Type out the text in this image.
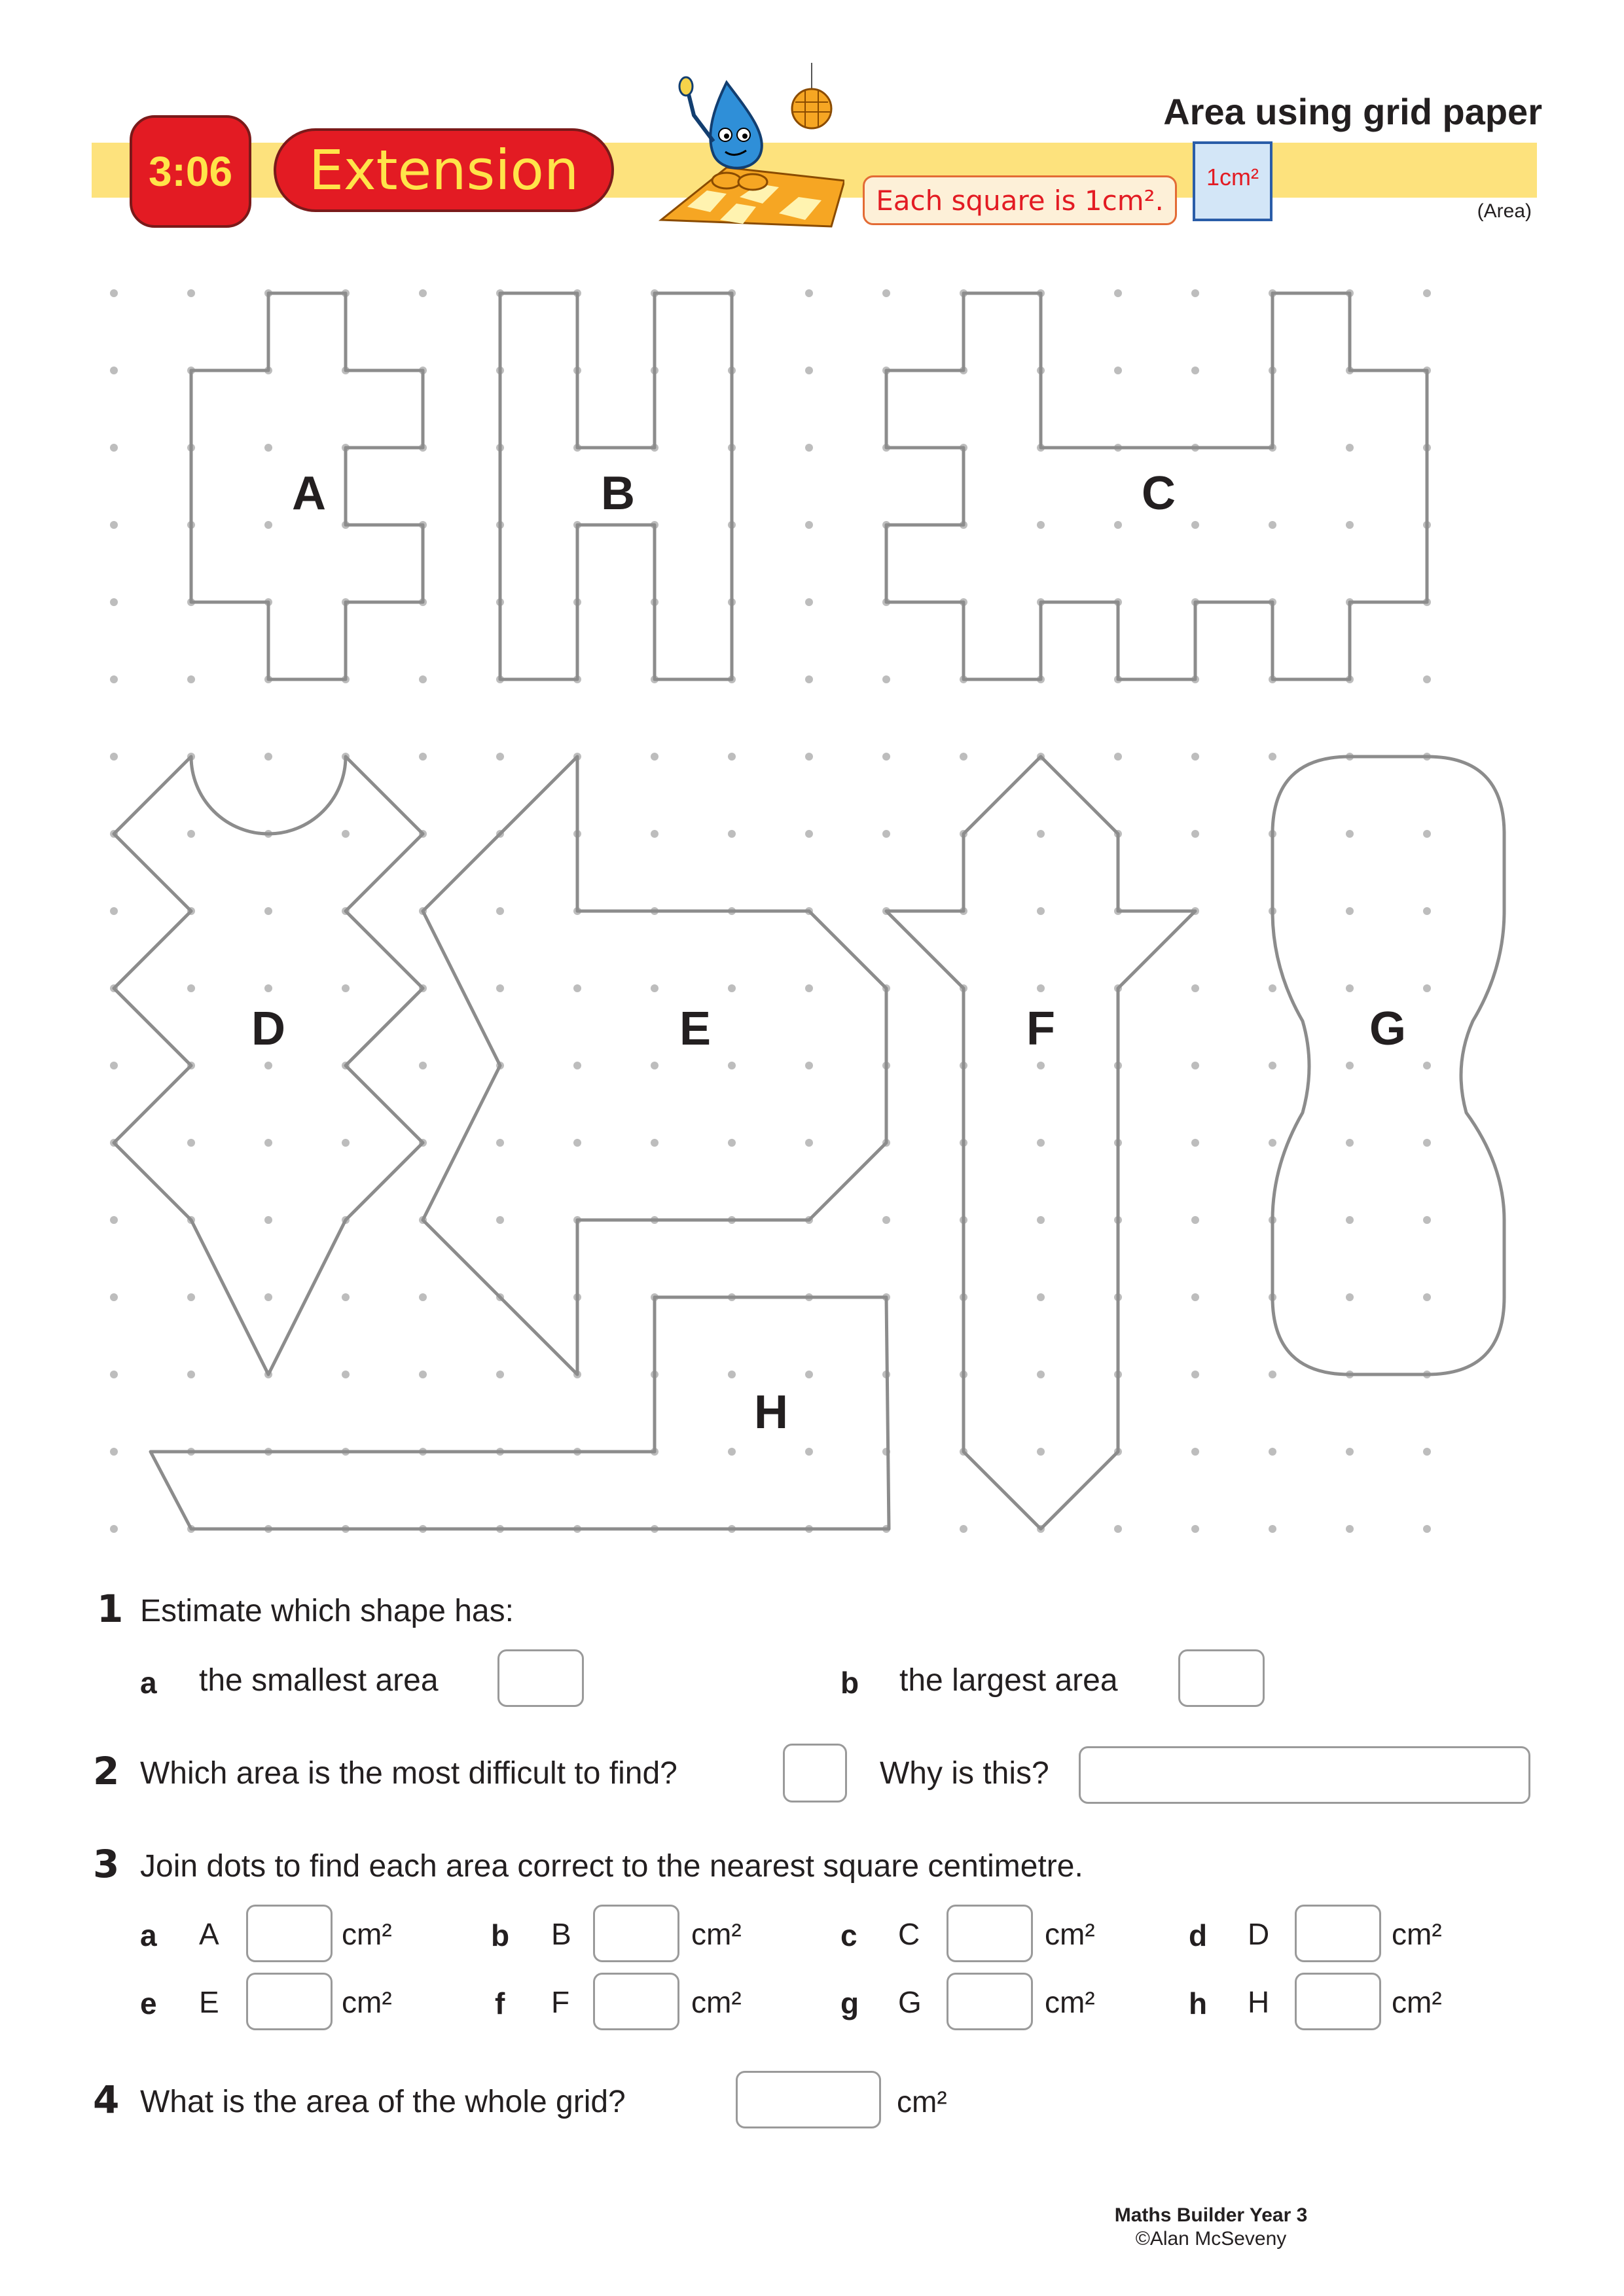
3:06	Extension
Area using grid paper
Each square is 1cm².
1cm²
(Area)
A	B	C
D	E	F	G
H
1 Estimate which shape has:
a the smallest area	b the largest area
2 Which area is the most difficult to find?	Why is this?
3 Join dots to find each area correct to the nearest square centimetre.
a A	cm²	b B	cm²	c C	cm²	d D	cm²
e E	cm²	f F	cm²	g G	cm²	h H	cm²
4 What is the area of the whole grid?	cm²
Maths Builder Year 3
©Alan McSeveny
